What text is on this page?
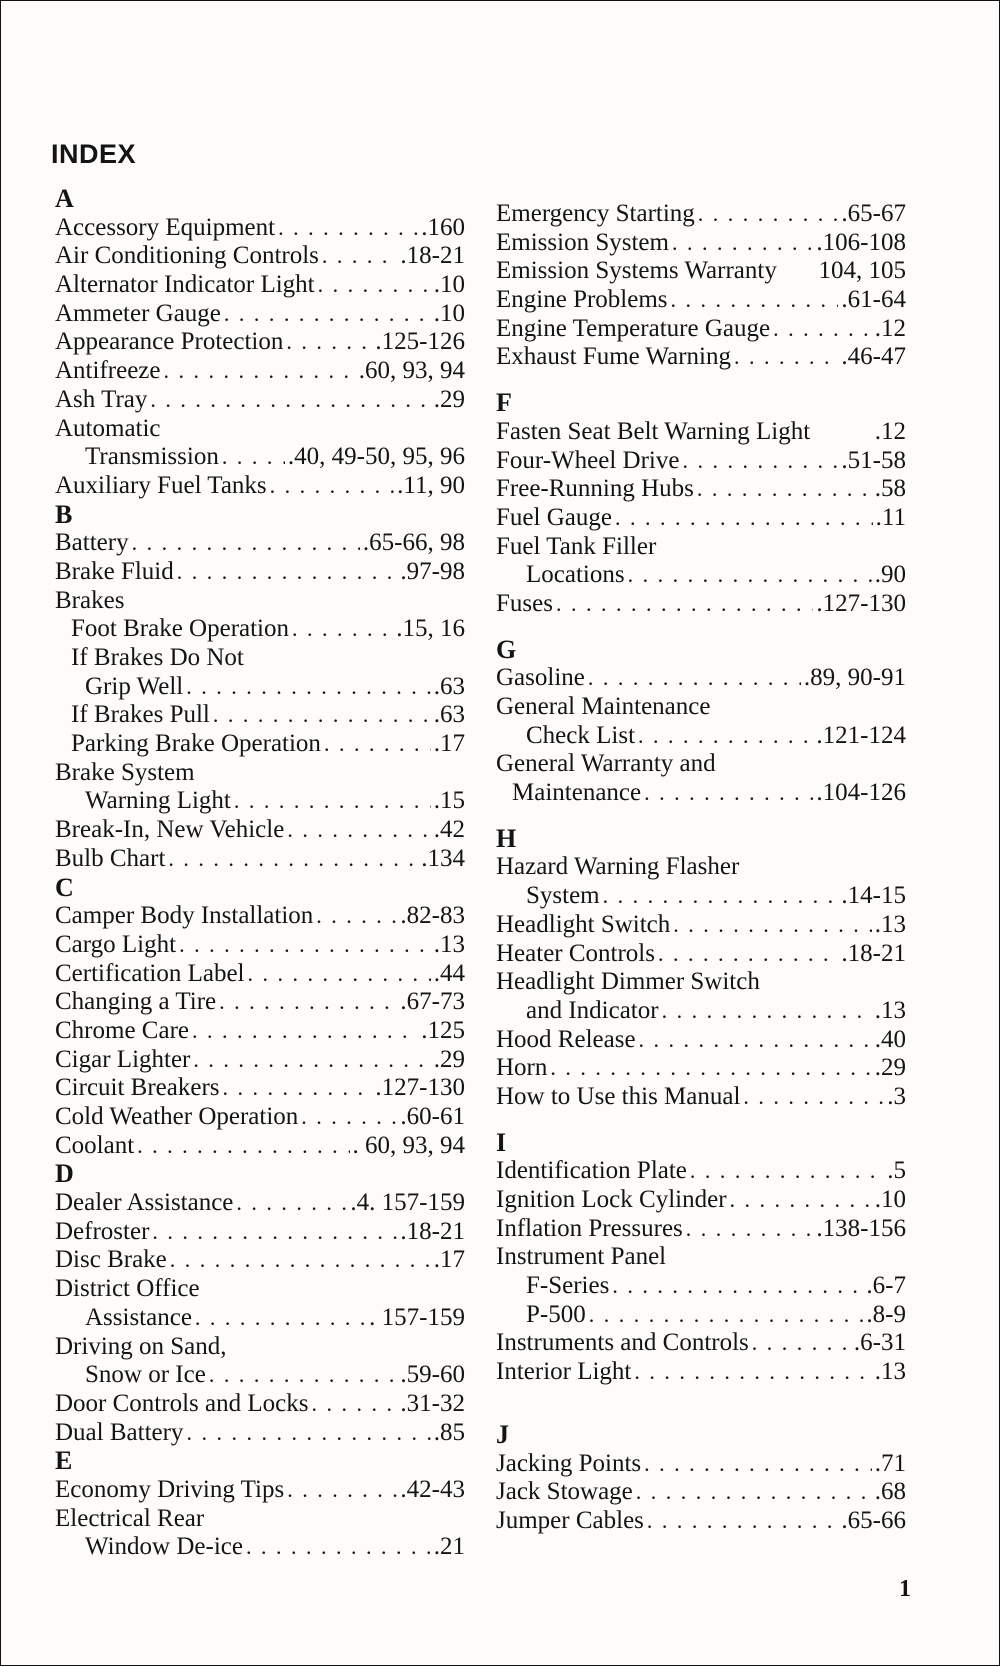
INDEX
A
Accessory Equipment . . .	.160
Air Conditioning Controls . . .	.18-21
Alternator Indicator Light . . .	.10
Ammeter Gauge . . .	.10
Appearance Protection . . .	.125-126
Antifreeze . . .	.60, 93, 94
Ash Tray . . .	.29
Automatic
Transmission . . .	.40, 49-50, 95, 96
Auxiliary Fuel Tanks . . .	.11, 90
B
Battery . . .	.65-66, 98
Brake Fluid . . .	.97-98
Brakes
Foot Brake Operation . . .	.15, 16
If Brakes Do Not
Grip Well . . .	.63
If Brakes Pull . . .	.63
Parking Brake Operation . . .	.17
Brake System
Warning Light . . .	.15
Break-In, New Vehicle . . .	.42
Bulb Chart . . .	.134
C
Camper Body Installation . . .	.82-83
Cargo Light . . .	.13
Certification Label . . .	.44
Changing a Tire . . .	.67-73
Chrome Care . . .	.125
Cigar Lighter . . .	.29
Circuit Breakers . . .	.127-130
Cold Weather Operation . . .	.60-61
Coolant . . .	. 60, 93, 94
D
Dealer Assistance . . .	.4. 157-159
Defroster . . .	.18-21
Disc Brake . . .	.17
District Office
Assistance . . .	. 157-159
Driving on Sand,
Snow or Ice . . .	.59-60
Door Controls and Locks . . .	.31-32
Dual Battery . . .	.85
E
Economy Driving Tips . . .	.42-43
Electrical Rear
Window De-ice . . .	.21
Emergency Starting . . .	.65-67
Emission System . . .	.106-108
Emission Systems Warranty 104, 105
Engine Problems . . .	.61-64
Engine Temperature Gauge . . .	.12
Exhaust Fume Warning . . .	.46-47
F
Fasten Seat Belt Warning Light	.12
Four-Wheel Drive . . .	.51-58
Free-Running Hubs . . .	.58
Fuel Gauge . . .	.11
Fuel Tank Filler
Locations . . .	.90
Fuses . . .	.127-130
G
Gasoline . . .	.89, 90-91
General Maintenance
Check List . . .	.121-124
General Warranty and
Maintenance . . .	.104-126
H
Hazard Warning Flasher
System . . .	.14-15
Headlight Switch . . .	.13
Heater Controls . . .	.18-21
Headlight Dimmer Switch
and Indicator . . .	.13
Hood Release . . .	.40
Horn . . .	.29
How to Use this Manual . . .	.3
I
Identification Plate . . .	.5
Ignition Lock Cylinder . . .	.10
Inflation Pressures . . .	.138-156
Instrument Panel
F-Series . . .	.6-7
P-500 . . .	.8-9
Instruments and Controls . . .	.6-31
Interior Light . . .	.13
J
Jacking Points . . .	.71
Jack Stowage . . .	.68
Jumper Cables . . .	.65-66
1
